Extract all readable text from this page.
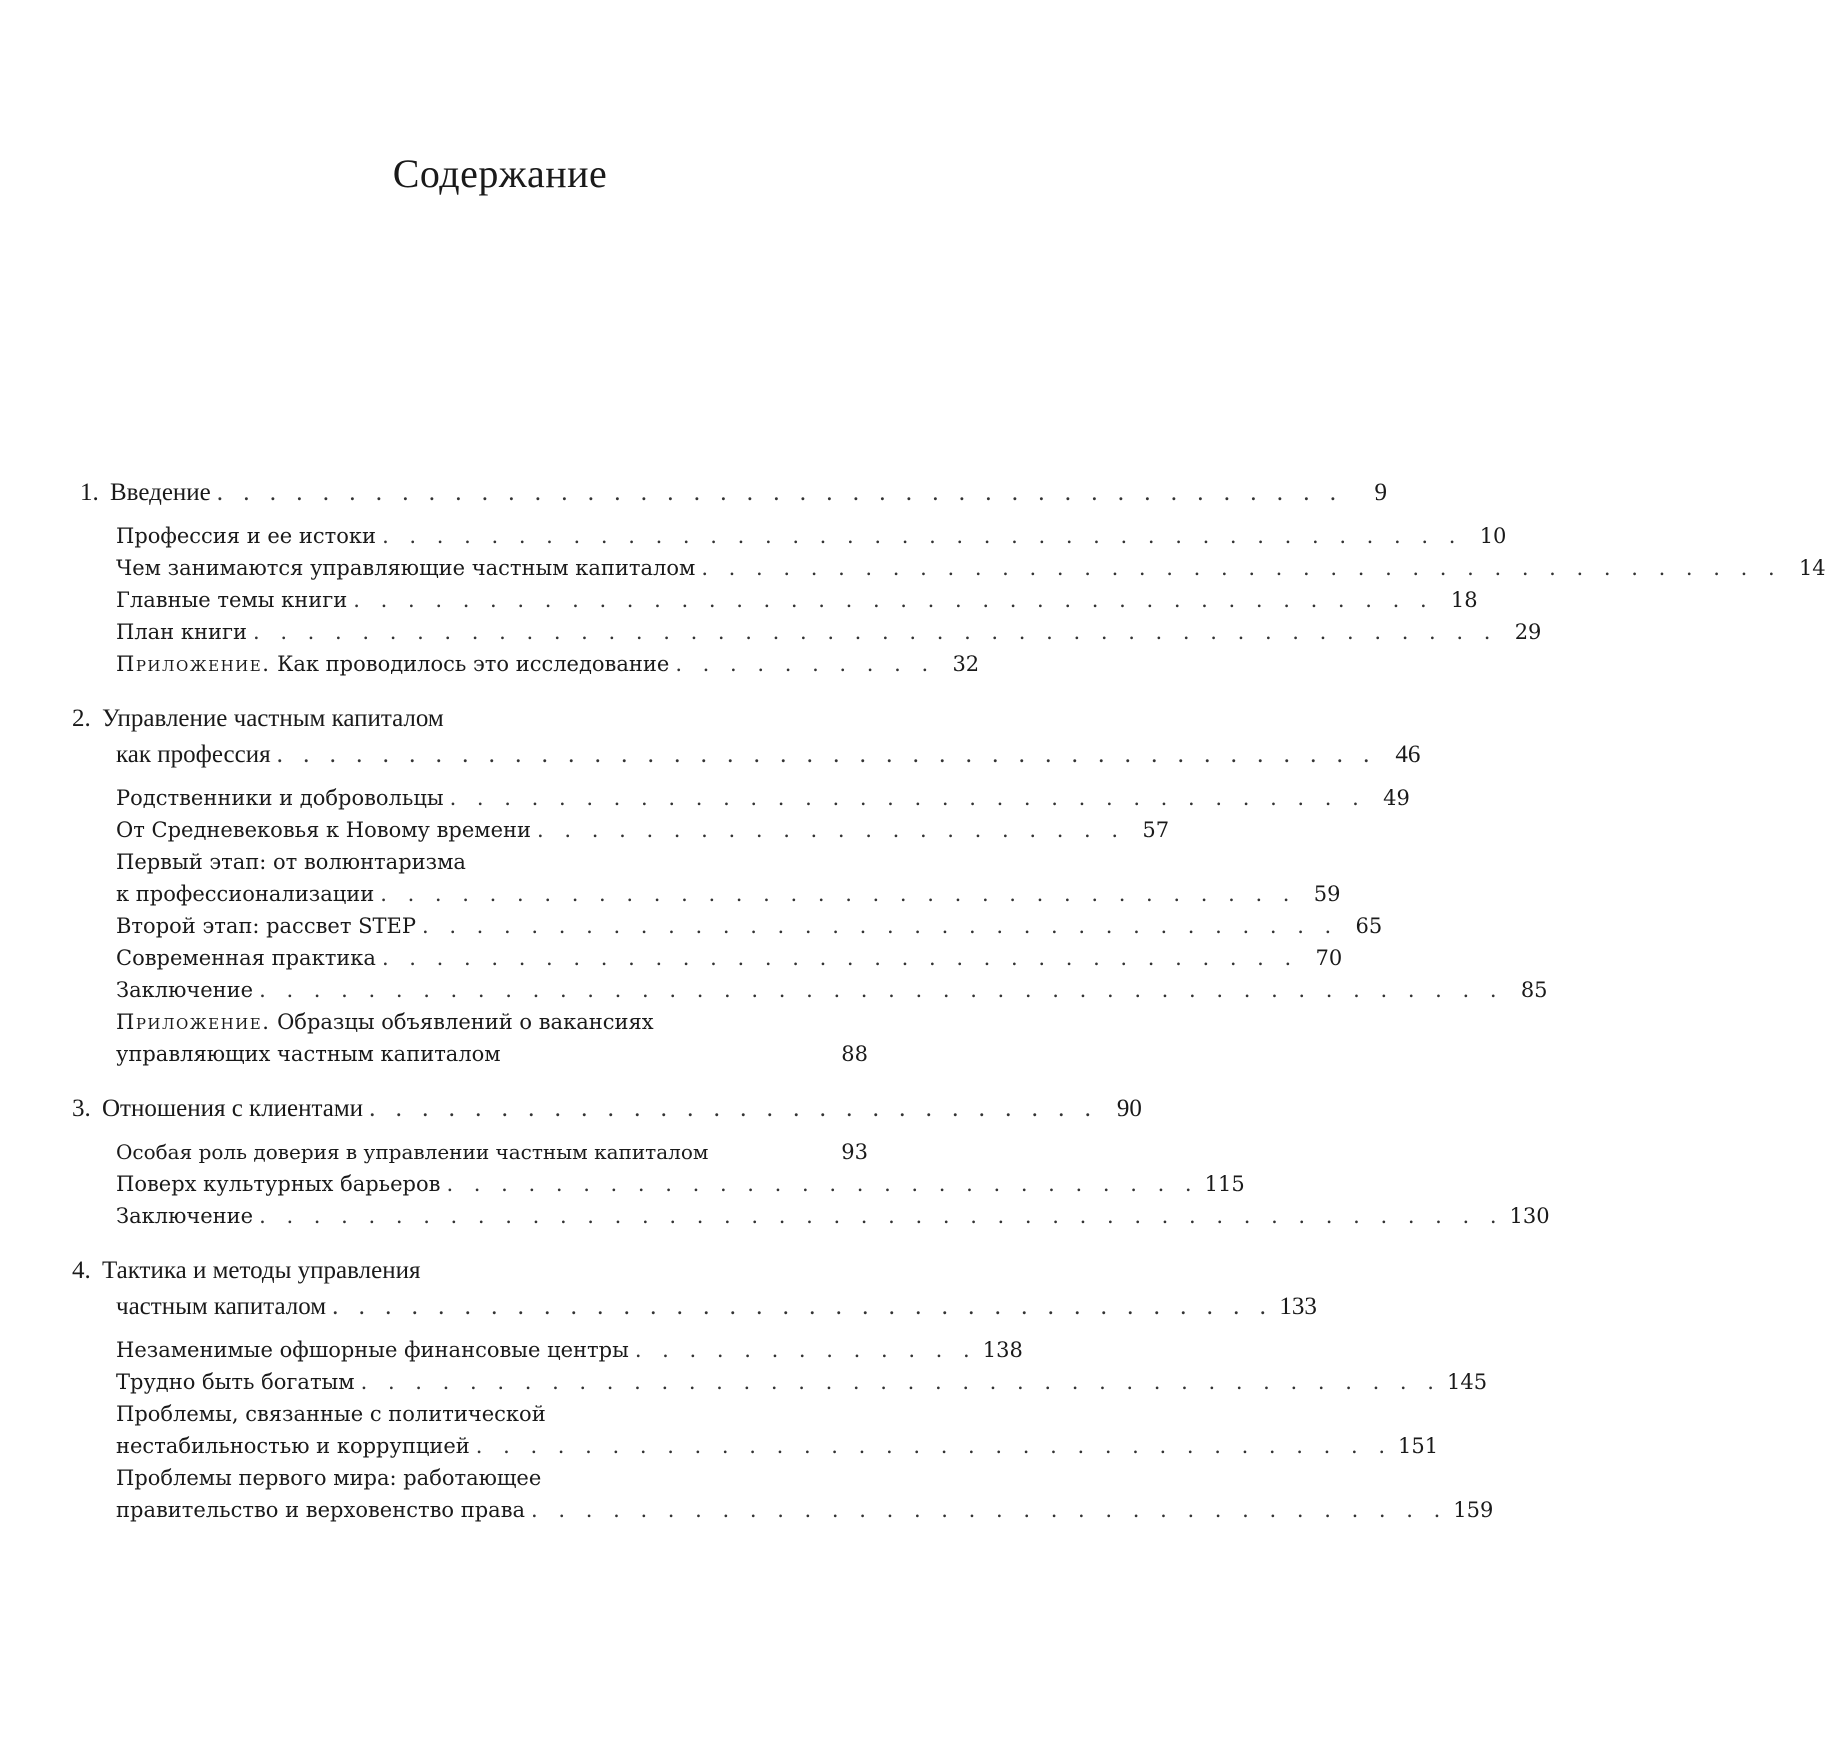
Содержание
1. Введение . . . . . . . . . . . . . . . . . . . . . . . . . . . . . . . . . . . . . . . . . . .	9
Профессия и ее истоки . . . . . . . . . . . . . . . . . . . . . . . . . . . . . . . . . . . . . . . . 10
Чем занимаются управляющие частным капиталом . . . . . . . . . . . . . . . . . . . . . . . . . . . . . . . . . . . . . . . . 14
Главные темы книги . . . . . . . . . . . . . . . . . . . . . . . . . . . . . . . . . . . . . . . . 18
План книги . . . . . . . . . . . . . . . . . . . . . . . . . . . . . . . . . . . . . . . . . . . . . . 29
Приложение. Как проводилось это исследование . . . . . . . . . . 32
2. Управление частным капиталом
как профессия . . . . . . . . . . . . . . . . . . . . . . . . . . . . . . . . . . . . . . . . . . 46
Родственники и добровольцы . . . . . . . . . . . . . . . . . . . . . . . . . . . . . . . . . . 49
От Средневековья к Новому времени . . . . . . . . . . . . . . . . . . . . . . 57
Первый этап: от волюнтаризма
к профессионализации . . . . . . . . . . . . . . . . . . . . . . . . . . . . . . . . . . 59
Второй этап: рассвет STEP . . . . . . . . . . . . . . . . . . . . . . . . . . . . . . . . . . 65
Современная практика . . . . . . . . . . . . . . . . . . . . . . . . . . . . . . . . . . 70
Заключение . . . . . . . . . . . . . . . . . . . . . . . . . . . . . . . . . . . . . . . . . . . . . . 85
Приложение. Образцы объявлений о вакансиях
управляющих частным капиталом .	88
3. Отношения с клиентами . . . . . . . . . . . . . . . . . . . . . . . . . . . . 90
Особая роль доверия в управлении частным капиталом .	93
Поверх культурных барьеров . . . . . . . . . . . . . . . . . . . . . . . . . . . . 115
Заключение . . . . . . . . . . . . . . . . . . . . . . . . . . . . . . . . . . . . . . . . . . . . . . 130
4. Тактика и методы управления
частным капиталом . . . . . . . . . . . . . . . . . . . . . . . . . . . . . . . . . . . . 133
Незаменимые офшорные финансовые центры . . . . . . . . . . . . . 138
Трудно быть богатым . . . . . . . . . . . . . . . . . . . . . . . . . . . . . . . . . . . . . . . . 145
Проблемы, связанные с политической
нестабильностью и коррупцией . . . . . . . . . . . . . . . . . . . . . . . . . . . . . . . . . . 151
Проблемы первого мира: работающее
правительство и верховенство права . . . . . . . . . . . . . . . . . . . . . . . . . . . . . . . . . . 159
